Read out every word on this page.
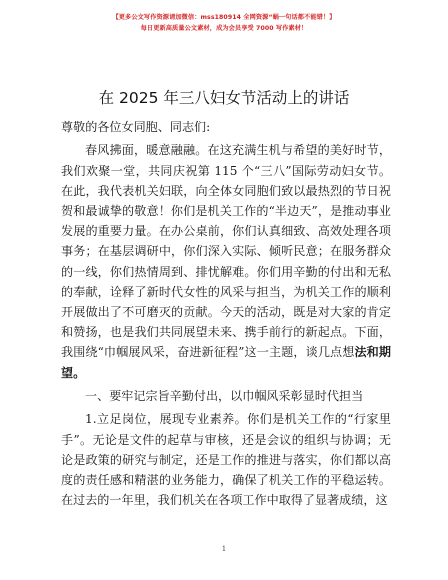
【更多公文写作资源请加微信：mss180914 全网资源“蜗一句话都不能错！】
每日更新高质量公文素材，成为会员享受 7000 写作素材！
在 2025 年三八妇女节活动上的讲话

尊敬的各位女同胞、同志们:

春风拂面，暖意融融。在这充满生机与希望的美好时节，我们欢聚一堂，共同庆祝第 115 个“三八”国际劳动妇女节。在此，我代表机关妇联，向全体女同胞们致以最热烈的节日祝贺和最诚挚的敬意！你们是机关工作的“半边天”，是推动事业发展的重要力量。在办公桌前，你们认真细致、高效处理各项事务；在基层调研中，你们深入实际、倾听民意；在服务群众的一线，你们热情周到、排忧解难。你们用辛勤的付出和无私的奉献，诠释了新时代女性的风采与担当，为机关工作的顺利开展做出了不可磨灭的贡献。今天的活动，既是对大家的肯定和赞扬，也是我们共同展望未来、携手前行的新起点。下面，我围绕“巾帼展风采，奋进新征程”这一主题，谈几点想法和期望。

一、要牢记宗旨辛勤付出，以巾帼风采彰显时代担当

1.立足岗位，展现专业素养。你们是机关工作的“行家里手”。无论是文件的起草与审核，还是会议的组织与协调；无论是政策的研究与制定，还是工作的推进与落实，你们都以高度的责任感和精湛的业务能力，确保了机关工作的平稳运转。在过去的一年里，我们机关在各项工作中取得了显著成绩，这

1
